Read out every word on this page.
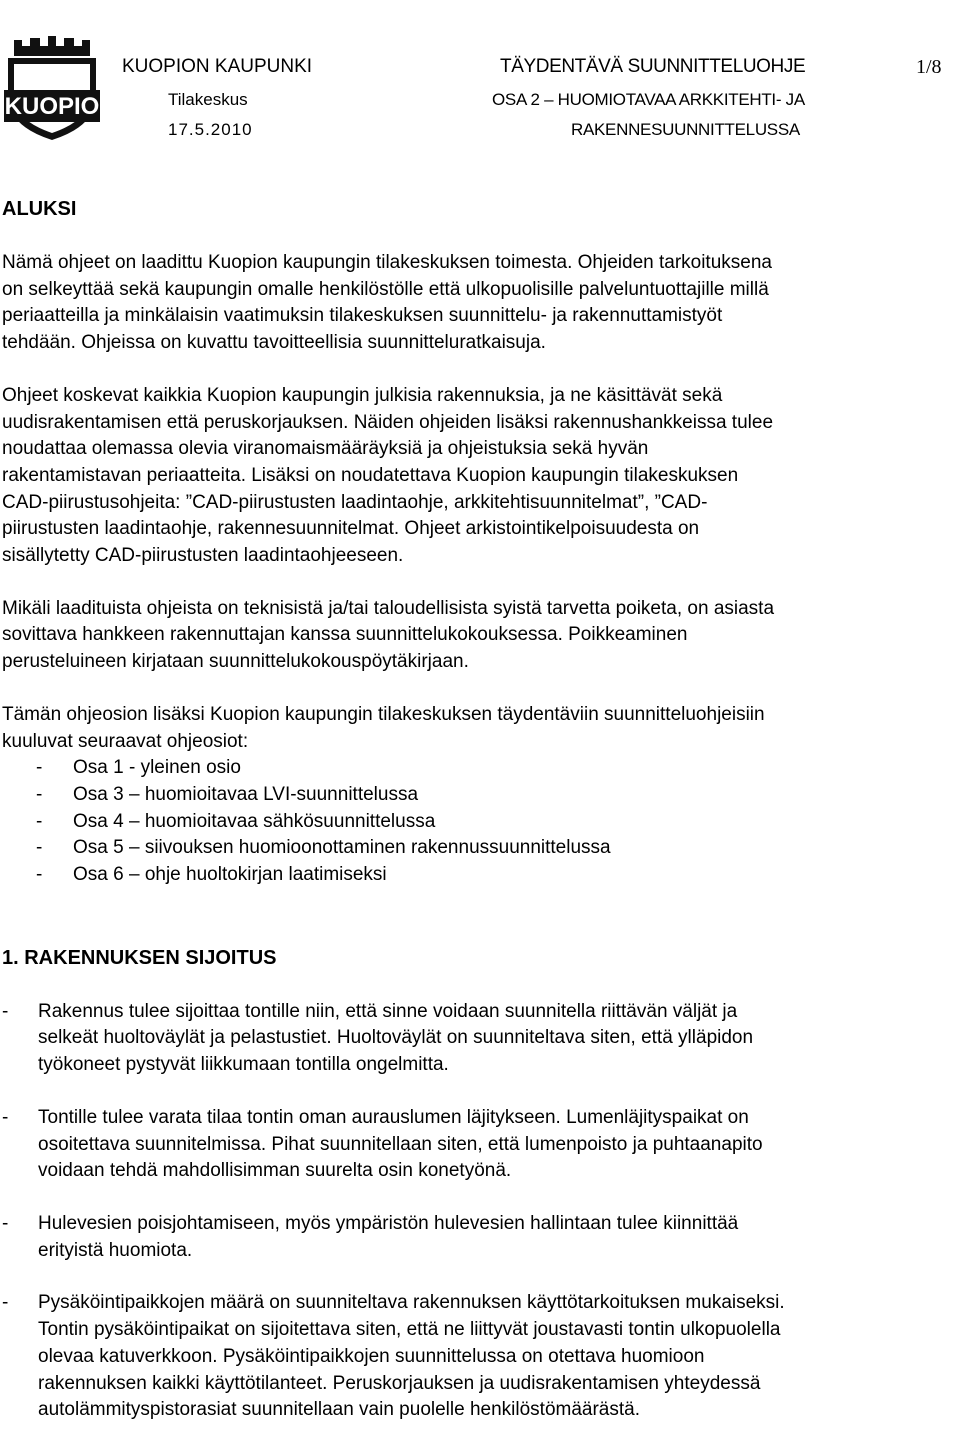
KUOPIO
KUOPION KAUPUNKI	TÄYDENTÄVÄ SUUNNITTELUOHJE	1/8
Tilakeskus	OSA 2 – HUOMIOTAVAA ARKKITEHTI- JA
17.5.2010	RAKENNESUUNNITTELUSSA
ALUKSI
Nämä ohjeet on laadittu Kuopion kaupungin tilakeskuksen toimesta. Ohjeiden tarkoituksena
on selkeyttää sekä kaupungin omalle henkilöstölle että ulkopuolisille palveluntuottajille millä
periaatteilla ja minkälaisin vaatimuksin tilakeskuksen suunnittelu- ja rakennuttamistyöt
tehdään. Ohjeissa on kuvattu tavoitteellisia suunnitteluratkaisuja.
Ohjeet koskevat kaikkia Kuopion kaupungin julkisia rakennuksia, ja ne käsittävät sekä
uudisrakentamisen että peruskorjauksen. Näiden ohjeiden lisäksi rakennushankkeissa tulee
noudattaa olemassa olevia viranomaismääräyksiä ja ohjeistuksia sekä hyvän
rakentamistavan periaatteita. Lisäksi on noudatettava Kuopion kaupungin tilakeskuksen
CAD-piirustusohjeita: ”CAD-piirustusten laadintaohje, arkkitehtisuunnitelmat”, ”CAD-
piirustusten laadintaohje, rakennesuunnitelmat. Ohjeet arkistointikelpoisuudesta on
sisällytetty CAD-piirustusten laadintaohjeeseen.
Mikäli laadituista ohjeista on teknisistä ja/tai taloudellisista syistä tarvetta poiketa, on asiasta
sovittava hankkeen rakennuttajan kanssa suunnittelukokouksessa. Poikkeaminen
perusteluineen kirjataan suunnittelukokouspöytäkirjaan.
Tämän ohjeosion lisäksi Kuopion kaupungin tilakeskuksen täydentäviin suunnitteluohjeisiin
kuuluvat seuraavat ohjeosiot:
- Osa 1 - yleinen osio
- Osa 3 – huomioitavaa LVI-suunnittelussa
- Osa 4 – huomioitavaa sähkösuunnittelussa
- Osa 5 – siivouksen huomioonottaminen rakennussuunnittelussa
- Osa 6 – ohje huoltokirjan laatimiseksi
1. RAKENNUKSEN SIJOITUS
- Rakennus tulee sijoittaa tontille niin, että sinne voidaan suunnitella riittävän väljät ja
selkeät huoltoväylät ja pelastustiet. Huoltoväylät on suunniteltava siten, että ylläpidon
työkoneet pystyvät liikkumaan tontilla ongelmitta.
- Tontille tulee varata tilaa tontin oman aurauslumen läjitykseen. Lumenläjityspaikat on
osoitettava suunnitelmissa. Pihat suunnitellaan siten, että lumenpoisto ja puhtaanapito
voidaan tehdä mahdollisimman suurelta osin konetyönä.
- Hulevesien poisjohtamiseen, myös ympäristön hulevesien hallintaan tulee kiinnittää
erityistä huomiota.
- Pysäköintipaikkojen määrä on suunniteltava rakennuksen käyttötarkoituksen mukaiseksi.
Tontin pysäköintipaikat on sijoitettava siten, että ne liittyvät joustavasti tontin ulkopuolella
olevaa katuverkkoon. Pysäköintipaikkojen suunnittelussa on otettava huomioon
rakennuksen kaikki käyttötilanteet. Peruskorjauksen ja uudisrakentamisen yhteydessä
autolämmityspistorasiat suunnitellaan vain puolelle henkilöstömäärästä.
